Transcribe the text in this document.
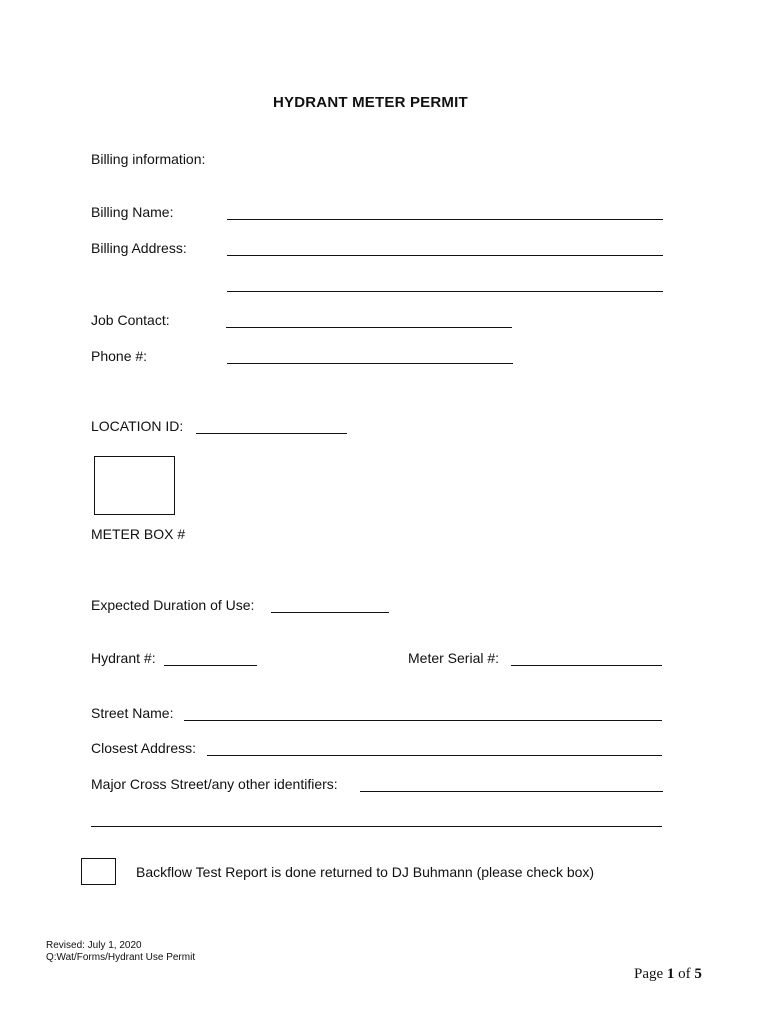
HYDRANT METER PERMIT
Billing information:
Billing Name:
Billing Address:
Job Contact:
Phone #:
LOCATION ID:
METER BOX #
Expected Duration of Use:
Hydrant #:	Meter Serial #:
Street Name:
Closest Address:
Major Cross Street/any other identifiers:
Backflow Test Report is done returned to DJ Buhmann (please check box)
Revised: July 1, 2020
Q:Wat/Forms/Hydrant Use Permit
Page 1 of 5
